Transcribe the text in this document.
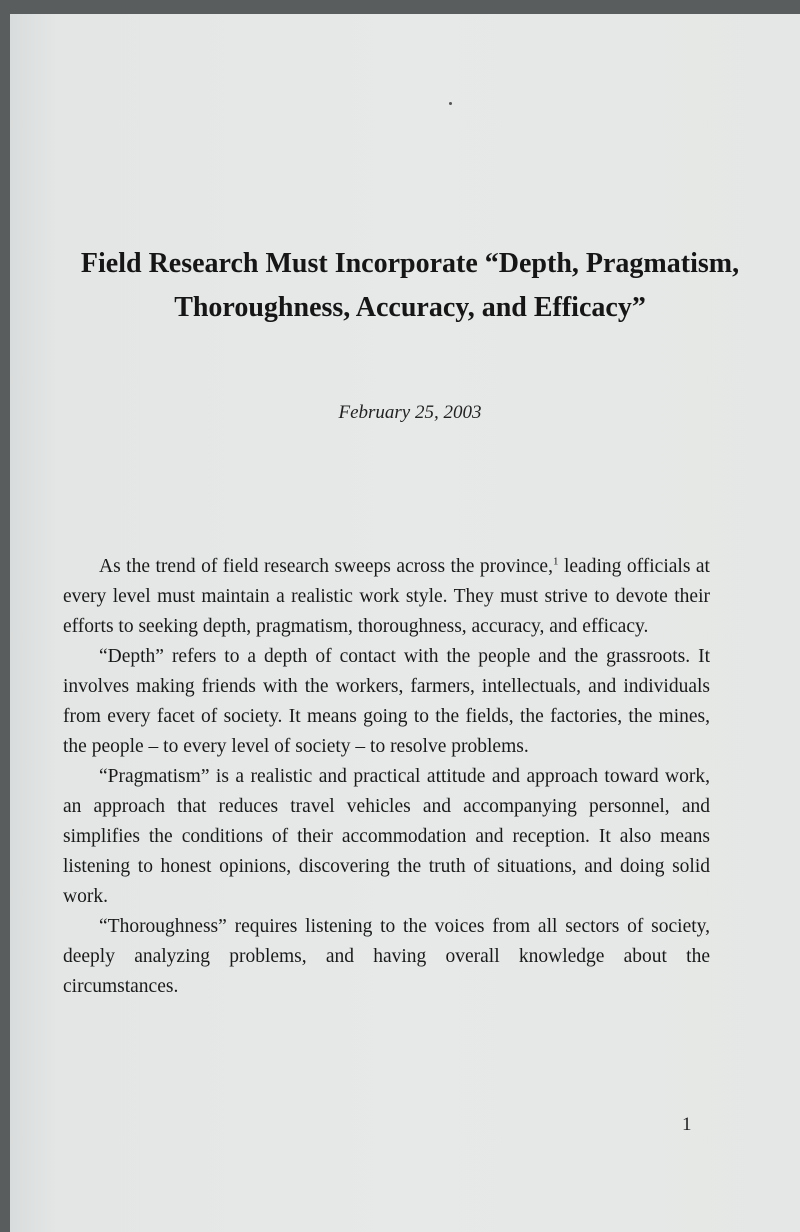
Field Research Must Incorporate “Depth, Pragmatism, Thoroughness, Accuracy, and Efficacy”
February 25, 2003

As the trend of field research sweeps across the province,$^1$ leading officials at every level must maintain a realistic work style. They must strive to devote their efforts to seeking depth, pragmatism, thoroughness, accuracy, and efficacy.

“Depth” refers to a depth of contact with the people and the grassroots. It involves making friends with the workers, farmers, intellectuals, and individuals from every facet of society. It means going to the fields, the factories, the mines, the people – to every level of society – to resolve problems.

“Pragmatism” is a realistic and practical attitude and approach toward work, an approach that reduces travel vehicles and accompanying personnel, and simplifies the conditions of their accommodation and reception. It also means listening to honest opinions, discovering the truth of situations, and doing solid work.

“Thoroughness” requires listening to the voices from all sectors of society, deeply analyzing problems, and having overall knowledge about the circumstances.

1
